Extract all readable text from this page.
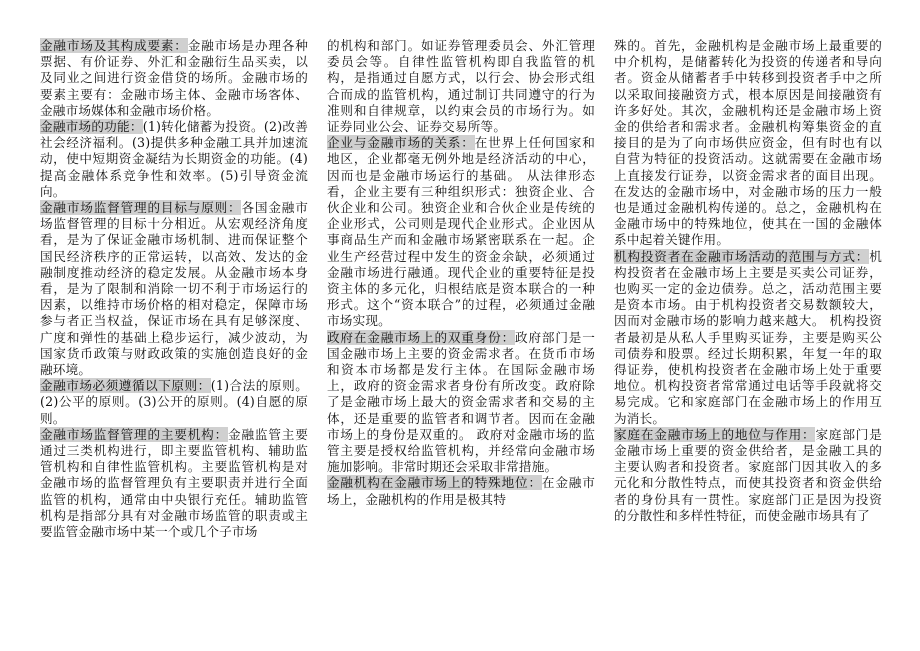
金融市场及其构成要素：金融市场是办理各种票据、有价证券、外汇和金融衍生品买卖，以及同业之间进行资金借贷的场所。金融市场的要素主要有：金融市场主体、金融市场客体、金融市场媒体和金融市场价格。

金融市场的功能：(1)转化储蓄为投资。(2)改善社会经济福利。(3)提供多种金融工具并加速流动，使中短期资金凝结为长期资金的功能。(4)提高金融体系竞争性和效率。(5)引导资金流向。

金融市场监督管理的目标与原则：各国金融市场监督管理的目标十分相近。从宏观经济角度看，是为了保证金融市场机制、进而保证整个国民经济秩序的正常运转，以高效、发达的金融制度推动经济的稳定发展。从金融市场本身看，是为了限制和消除一切不利于市场运行的因素，以维持市场价格的相对稳定，保障市场参与者正当权益，保证市场在具有足够深度、广度和弹性的基础上稳步运行，减少波动，为国家货币政策与财政政策的实施创造良好的金融环境。

金融市场必须遵循以下原则：(1)合法的原则。(2)公平的原则。(3)公开的原则。(4)自愿的原则。

金融市场监督管理的主要机构：金融监管主要通过三类机构进行，即主要监管机构、辅助监管机构和自律性监管机构。主要监管机构是对金融市场的监督管理负有主要职责并进行全面监管的机构，通常由中央银行充任。辅助监管机构是指部分具有对金融市场监管的职责或主要监管金融市场中某一个或几个子市场

的机构和部门。如证券管理委员会、外汇管理委员会等。自律性监管机构即自我监管的机构，是指通过自愿方式，以行会、协会形式组合而成的监管机构，通过制订共同遵守的行为准则和自律规章，以约束会员的市场行为。如证券同业公会、证券交易所等。

企业与金融市场的关系：在世界上任何国家和地区，企业都毫无例外地是经济活动的中心，因而也是金融市场运行的基础。 从法律形态看，企业主要有三种组织形式：独资企业、合伙企业和公司。独资企业和合伙企业是传统的企业形式，公司则是现代企业形式。企业因从事商品生产而和金融市场紧密联系在一起。企业生产经营过程中发生的资金余缺，必须通过金融市场进行融通。现代企业的重要特征是投资主体的多元化，归根结底是资本联合的一种形式。这个“资本联合”的过程，必须通过金融市场实现。

政府在金融市场上的双重身份：政府部门是一国金融市场上主要的资金需求者。在货币市场和资本市场都是发行主体。在国际金融市场上，政府的资金需求者身份有所改变。政府除了是金融市场上最大的资金需求者和交易的主体，还是重要的监管者和调节者。因而在金融市场上的身份是双重的。 政府对金融市场的监管主要是授权给监管机构，并经常向金融市场施加影响。非常时期还会采取非常措施。

金融机构在金融市场上的特殊地位：在金融市场上，金融机构的作用是极其特

殊的。首先，金融机构是金融市场上最重要的中介机构，是储蓄转化为投资的传递者和导向者。资金从储蓄者手中转移到投资者手中之所以采取间接融资方式，根本原因是间接融资有许多好处。其次，金融机构还是金融市场上资金的供给者和需求者。金融机构筹集资金的直接目的是为了向市场供应资金，但有时也有以自营为特征的投资活动。这就需要在金融市场上直接发行证券，以资金需求者的面目出现。在发达的金融市场中，对金融市场的压力一般也是通过金融机构传递的。总之，金融机构在金融市场中的特殊地位，使其在一国的金融体系中起着关键作用。

机构投资者在金融市场活动的范围与方式：机构投资者在金融市场上主要是买卖公司证券，也购买一定的金边债券。总之，活动范围主要是资本市场。由于机构投资者交易数额较大，因而对金融市场的影响力越来越大。 机构投资者最初是从私人手里购买证券，主要是购买公司债券和股票。经过长期积累，年复一年的取得证券，使机构投资者在金融市场上处于重要地位。机构投资者常常通过电话等手段就将交易完成。它和家庭部门在金融市场上的作用互为消长。

家庭在金融市场上的地位与作用：家庭部门是金融市场上重要的资金供给者，是金融工具的主要认购者和投资者。家庭部门因其收入的多元化和分散性特点，而使其投资者和资金供给者的身份具有一贯性。家庭部门正是因为投资的分散性和多样性特征，而使金融市场具有了
